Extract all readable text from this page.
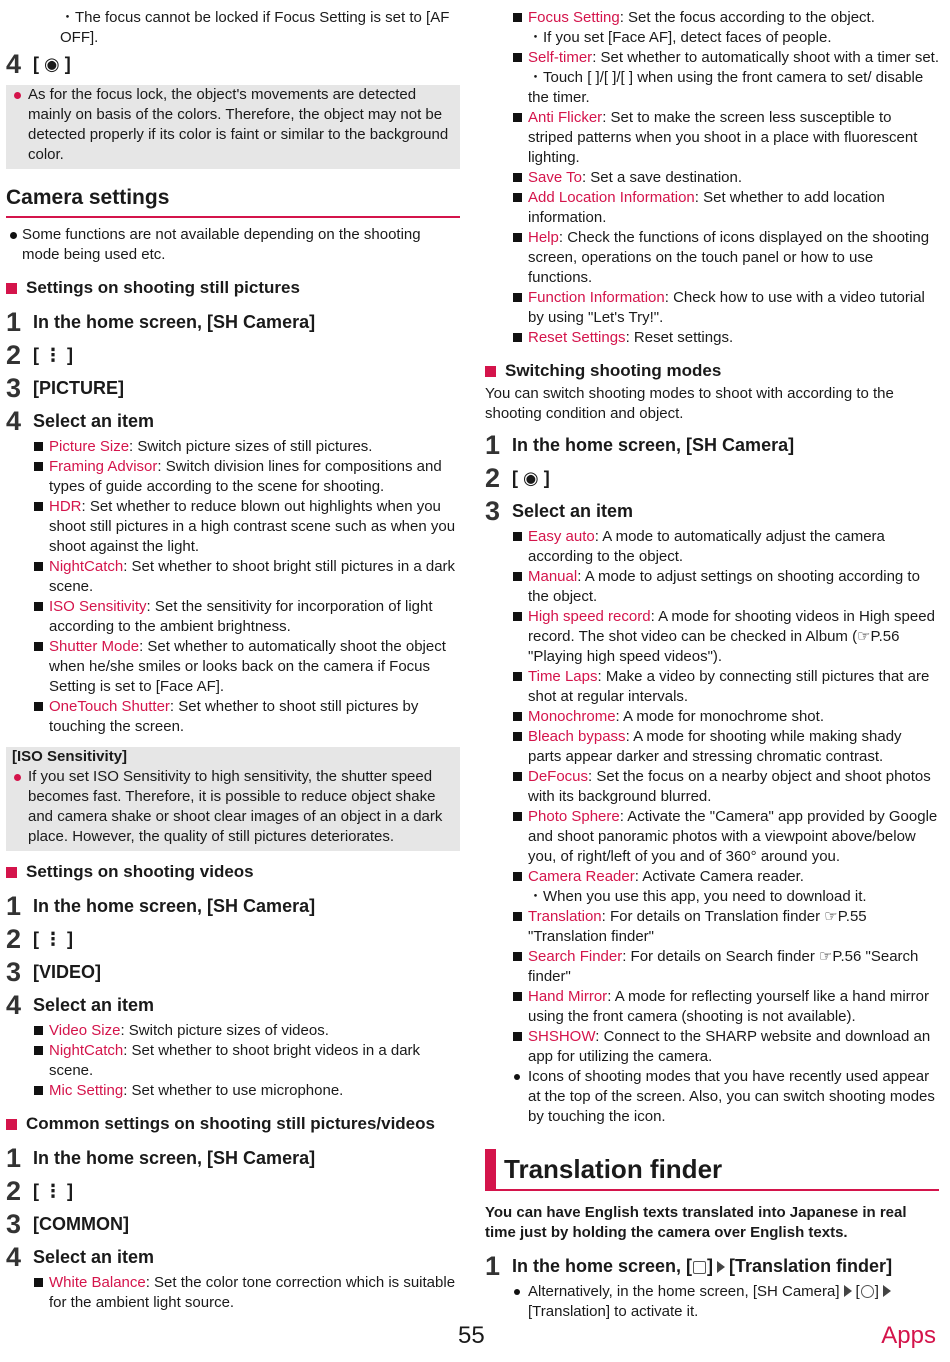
・The focus cannot be locked if Focus Setting is set to [AF OFF].
4 [ ◉ ]
As for the focus lock, the object's movements are detected mainly on basis of the colors. Therefore, the object may not be detected properly if its color is faint or similar to the background color.
Camera settings
Some functions are not available depending on the shooting mode being used etc.
Settings on shooting still pictures
1 In the home screen, [SH Camera]
2 [ ⋮ ]
3 [PICTURE]
4 Select an item
Picture Size: Switch picture sizes of still pictures.
Framing Advisor: Switch division lines for compositions and types of guide according to the scene for shooting.
HDR: Set whether to reduce blown out highlights when you shoot still pictures in a high contrast scene such as when you shoot against the light.
NightCatch: Set whether to shoot bright still pictures in a dark scene.
ISO Sensitivity: Set the sensitivity for incorporation of light according to the ambient brightness.
Shutter Mode: Set whether to automatically shoot the object when he/she smiles or looks back on the camera if Focus Setting is set to [Face AF].
OneTouch Shutter: Set whether to shoot still pictures by touching the screen.
[ISO Sensitivity]
If you set ISO Sensitivity to high sensitivity, the shutter speed becomes fast. Therefore, it is possible to reduce object shake and camera shake or shoot clear images of an object in a dark place. However, the quality of still pictures deteriorates.
Settings on shooting videos
1 In the home screen, [SH Camera]
2 [ ⋮ ]
3 [VIDEO]
4 Select an item
Video Size: Switch picture sizes of videos.
NightCatch: Set whether to shoot bright videos in a dark scene.
Mic Setting: Set whether to use microphone.
Common settings on shooting still pictures/videos
1 In the home screen, [SH Camera]
2 [ ⋮ ]
3 [COMMON]
4 Select an item
White Balance: Set the color tone correction which is suitable for the ambient light source.
Focus Setting: Set the focus according to the object.
・If you set [Face AF], detect faces of people.
Self-timer: Set whether to automatically shoot with a timer set.
・Touch [ ]/[ ]/[ ] when using the front camera to set/ disable the timer.
Anti Flicker: Set to make the screen less susceptible to striped patterns when you shoot in a place with fluorescent lighting.
Save To: Set a save destination.
Add Location Information: Set whether to add location information.
Help: Check the functions of icons displayed on the shooting screen, operations on the touch panel or how to use functions.
Function Information: Check how to use with a video tutorial by using "Let's Try!".
Reset Settings: Reset settings.
Switching shooting modes
You can switch shooting modes to shoot with according to the shooting condition and object.
1 In the home screen, [SH Camera]
2 [ ◉ ]
3 Select an item
Easy auto: A mode to automatically adjust the camera according to the object.
Manual: A mode to adjust settings on shooting according to the object.
High speed record: A mode for shooting videos in High speed record. The shot video can be checked in Album (☞P.56 "Playing high speed videos").
Time Laps: Make a video by connecting still pictures that are shot at regular intervals.
Monochrome: A mode for monochrome shot.
Bleach bypass: A mode for shooting while making shady parts appear darker and stressing chromatic contrast.
DeFocus: Set the focus on a nearby object and shoot photos with its background blurred.
Photo Sphere: Activate the "Camera" app provided by Google and shoot panoramic photos with a viewpoint above/below you, of right/left of you and of 360° around you.
Camera Reader: Activate Camera reader.
・When you use this app, you need to download it.
Translation: For details on Translation finder ☞P.55 "Translation finder"
Search Finder: For details on Search finder ☞P.56 "Search finder"
Hand Mirror: A mode for reflecting yourself like a hand mirror using the front camera (shooting is not available).
SHSHOW: Connect to the SHARP website and download an app for utilizing the camera.
Icons of shooting modes that you have recently used appear at the top of the screen. Also, you can switch shooting modes by touching the icon.
Translation finder
You can have English texts translated into Japanese in real time just by holding the camera over English texts.
1 In the home screen, [ ] [Translation finder]
Alternatively, in the home screen, [SH Camera] [ ][Translation] to activate it.
55	Apps
